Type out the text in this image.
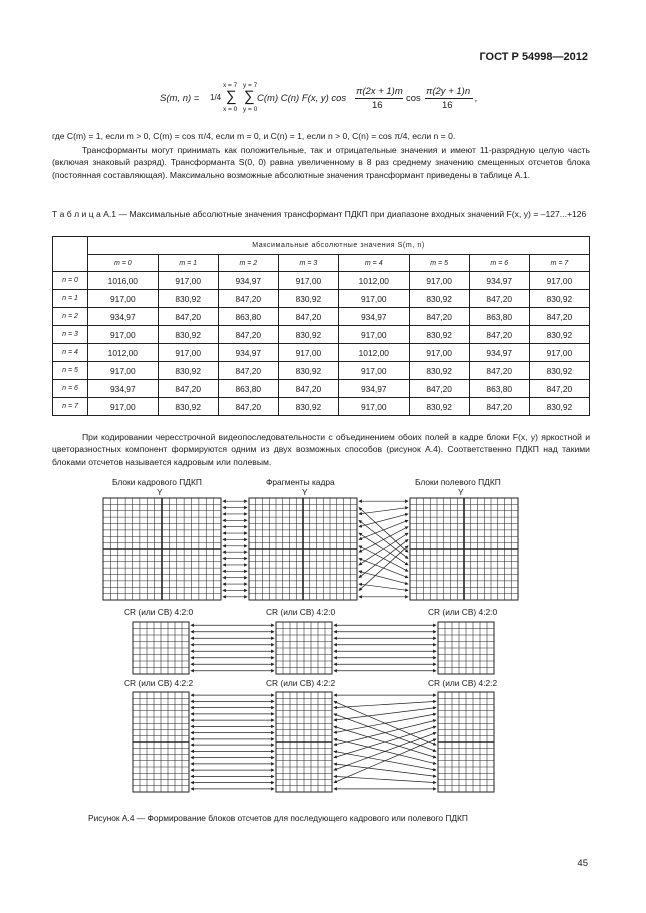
ГОСТ Р 54998—2012
S(m, n) = 1/4
x = 7 y = 7
∑ ∑
x = 0 y = 0
C(m) C(n) F(x, y) cos
π(2x + 1)m
16
cos
π(2y + 1)n
16
,
где C(m) = 1, если m > 0, C(m) = cos π/4, если m = 0, и C(n) = 1, если n > 0, C(n) = cos π/4, если n = 0.
Трансформанты могут принимать как положительные, так и отрицательные значения и имеют 11-разрядную целую часть (включая знаковый разряд). Трансформанта S(0, 0) равна увеличенному в 8 раз среднему значению смещенных отсчетов блока (постоянная составляющая). Максимально возможные абсолютные значения трансформант приведены в таблице А.1.
Т а б л и ц а А.1 — Максимальные абсолютные значения трансформант ПДКП при диапазоне входных значений F(x, y) = –127...+126
	Максимальные абсолютные значения S(m, n)							
	m = 0	m = 1	m = 2	m = 3	m = 4	m = 5	m = 6	m = 7
n = 0	1016,00	917,00	934,97	917,00	1012,00	917,00	934,97	917,00
n = 1	917,00	830,92	847,20	830,92	917,00	830,92	847,20	830,92
n = 2	934,97	847,20	863,80	847,20	934,97	847,20	863,80	847,20
n = 3	917,00	830,92	847,20	830,92	917,00	830,92	847,20	830,92
n = 4	1012,00	917,00	934,97	917,00	1012,00	917,00	934,97	917,00
n = 5	917,00	830,92	847,20	830,92	917,00	830,92	847,20	830,92
n = 6	934,97	847,20	863,80	847,20	934,97	847,20	863,80	847,20
n = 7	917,00	830,92	847,20	830,92	917,00	830,92	847,20	830,92
При кодировании чересстрочной видеопоследовательности с объединением обоих полей в кадре блоки F(x, y) яркостной и цветоразностных компонент формируются одним из двух возможных способов (рисунок А.4). Соответственно ПДКП над такими блоками отсчетов называется кадровым или полевым.
Блоки кадрового ПДКП	Фрагменты кадра	Блоки полевого ПДКП
Y	Y	Y
CR (или CB) 4:2:0	CR (или CB) 4:2:0	CR (или CB) 4:2:0
CR (или CB) 4:2:2	CR (или CB) 4:2:2	CR (или CB) 4:2:2
Рисунок А.4 — Формирование блоков отсчетов для последующего кадрового или полевого ПДКП
45
